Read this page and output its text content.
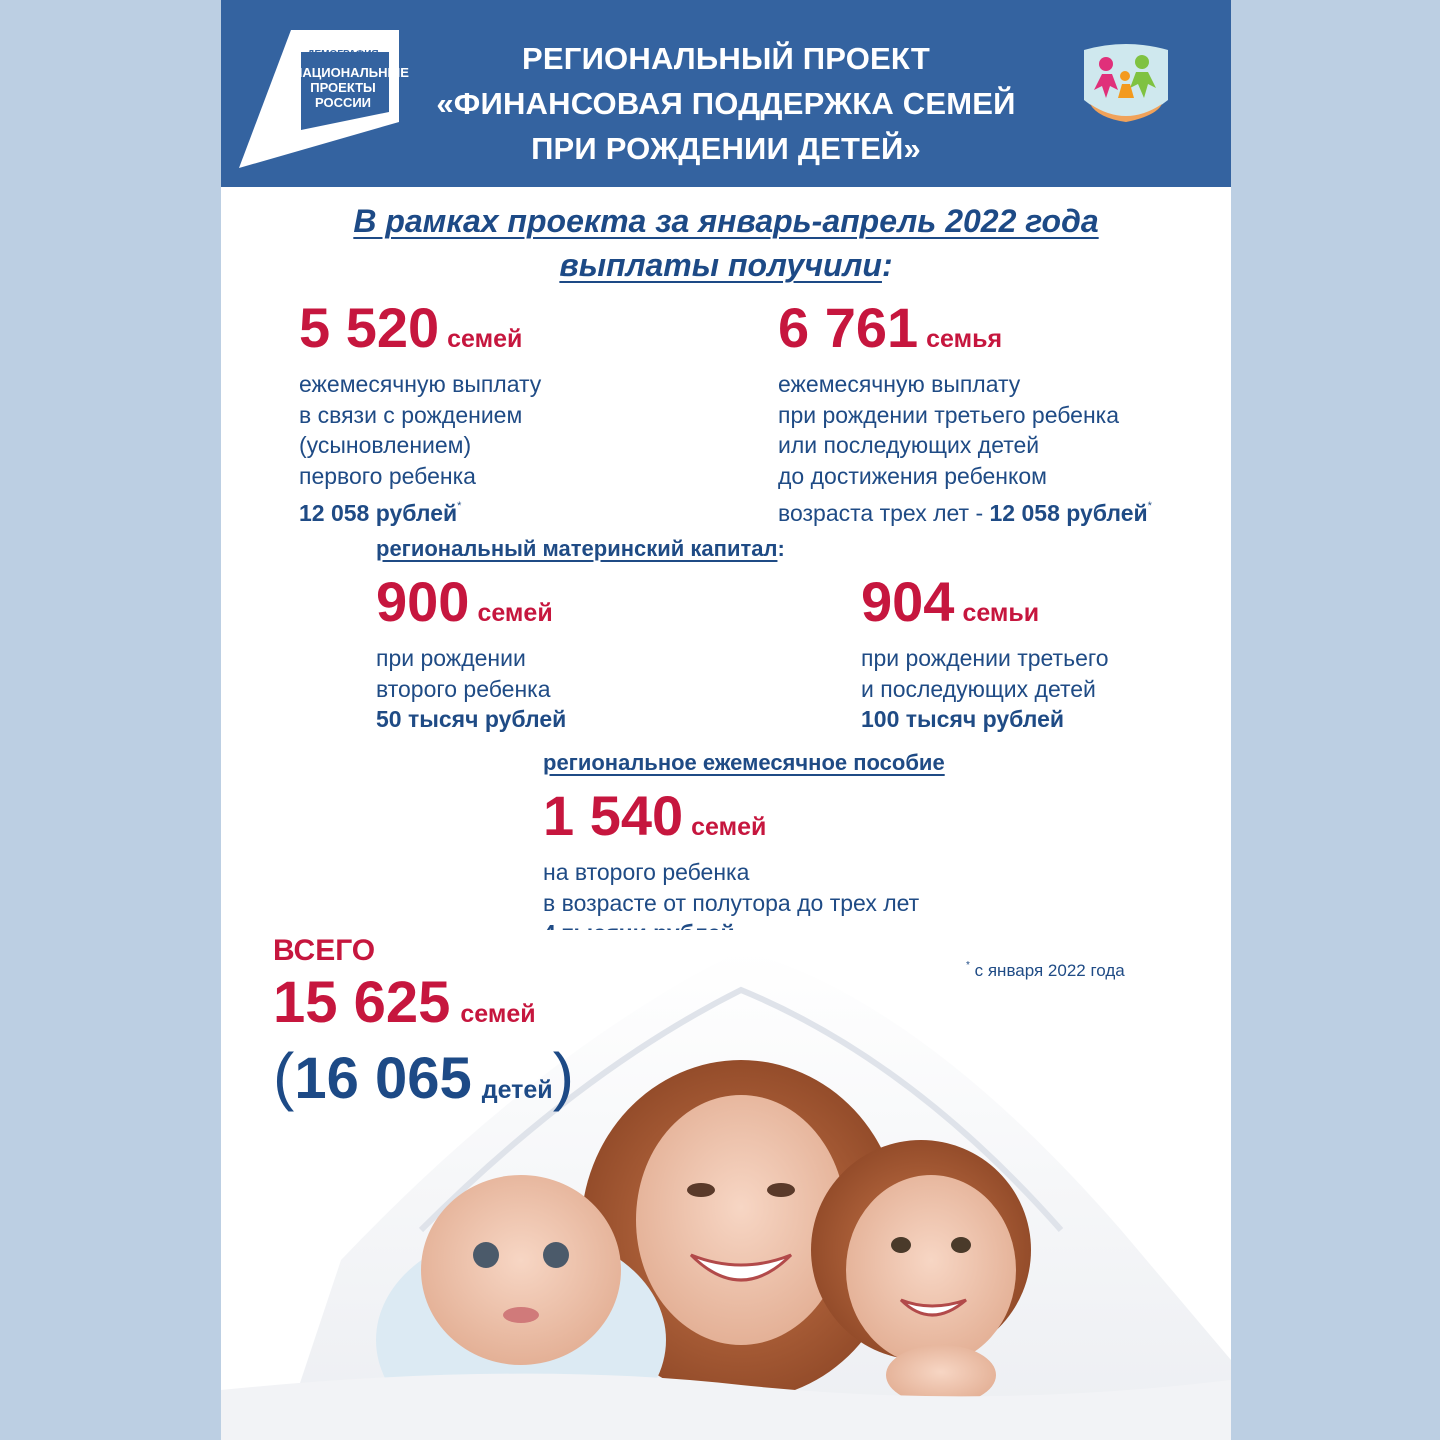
ДЕМОГРАФИЯ
НАЦИОНАЛЬНЫЕ
ПРОЕКТЫ
РОССИИ
РЕГИОНАЛЬНЫЙ ПРОЕКТ
«ФИНАНСОВАЯ ПОДДЕРЖКА СЕМЕЙ
ПРИ РОЖДЕНИИ ДЕТЕЙ»
В рамках проекта за январь-апрель 2022 года
выплаты получили:
5 520 семей
ежемесячную выплату
в связи с рождением
(усыновлением)
первого ребенка
12 058 рублей*
6 761 семья
ежемесячную выплату
при рождении третьего ребенка
или последующих детей
до достижения ребенком
возраста трех лет - 12 058 рублей*
региональный материнский капитал:
900 семей
при рождении
второго ребенка
50 тысяч рублей
904 семьи
при рождении третьего
и последующих детей
100 тысяч рублей
региональное ежемесячное пособие
1 540 семей
на второго ребенка
в возрасте от полутора до трех лет
* с января 2022 года
ВСЕГО
15 625 семей
(16 065 детей)
